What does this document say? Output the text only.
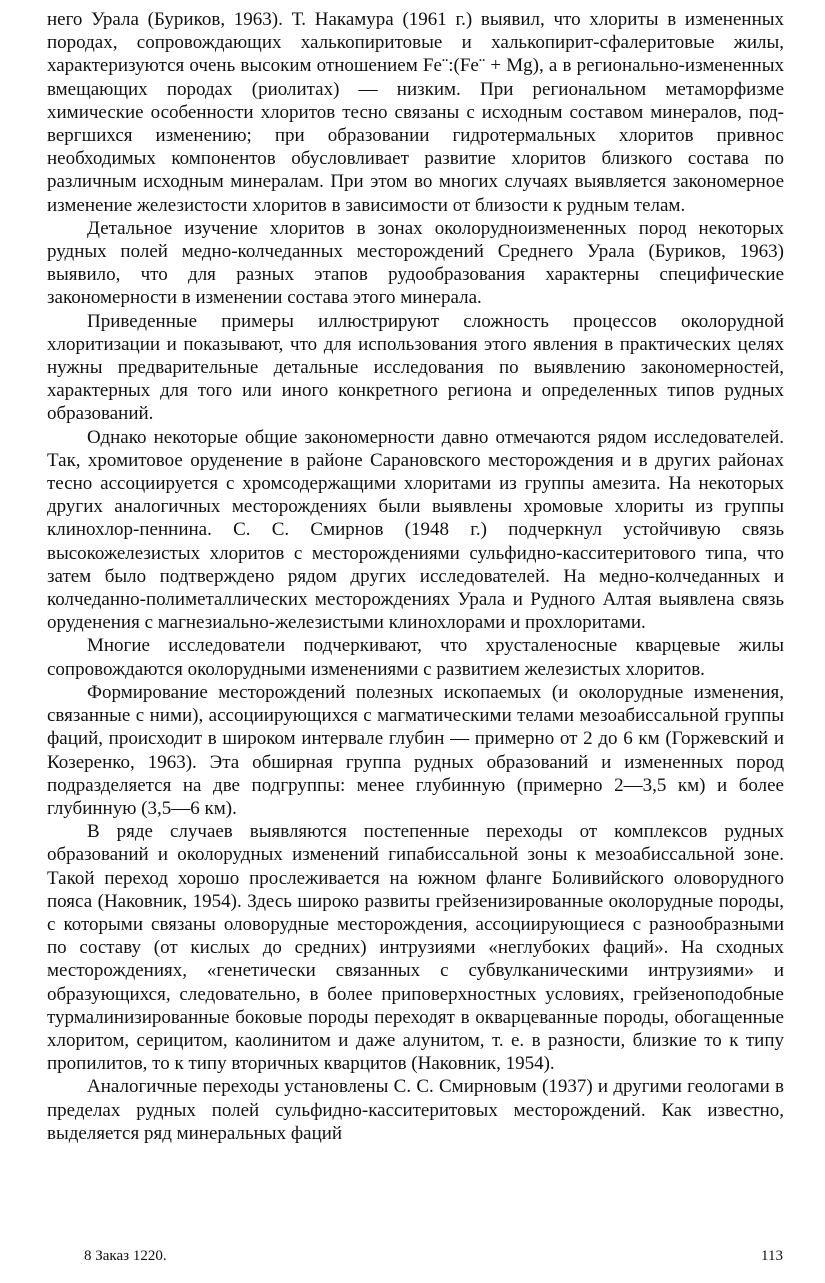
него Урала (Буриков, 1963). Т. Накамура (1961 г.) выявил, что хлориты в измененных породах, сопровождающих халькопиритовые и халькопирит-сфалеритовые жилы, характеризуются очень высоким отношением Fe¨:(Fe¨ + Mg), а в регионально-измененных вмещающих породах (риолитах) — низким. При региональном метаморфизме химические особенности хлоритов тесно связаны с исходным составом минералов, подвергшихся изменению; при образовании гидротермальных хлоритов привнос необходимых компонентов обусловливает развитие хлоритов близкого состава по различным исходным минералам. При этом во многих случаях выявляется закономерное изменение железистости хлоритов в зависимости от близости к рудным телам.

Детальное изучение хлоритов в зонах околорудноизмененных пород некоторых рудных полей медно-колчеданных месторождений Среднего Урала (Буриков, 1963) выявило, что для разных этапов рудообразования характерны специфические закономерности в изменении состава этого минерала.

Приведенные примеры иллюстрируют сложность процессов околорудной хлоритизации и показывают, что для использования этого явления в практических целях нужны предварительные детальные исследования по выявлению закономерностей, характерных для того или иного конкретного региона и определенных типов рудных образований.

Однако некоторые общие закономерности давно отмечаются рядом исследователей. Так, хромитовое оруденение в районе Сарановского месторождения и в других районах тесно ассоциируется с хромсодержащими хлоритами из группы амезита. На некоторых других аналогичных месторождениях были выявлены хромовые хлориты из группы клинохлор-пеннина. С. С. Смирнов (1948 г.) подчеркнул устойчивую связь высокожелезистых хлоритов с месторождениями сульфидно-касситеритового типа, что затем было подтверждено рядом других исследователей. На медно-колчеданных и колчеданно-полиметаллических месторождениях Урала и Рудного Алтая выявлена связь оруденения с магнезиально-железистыми клинохлорами и прохлоритами.

Многие исследователи подчеркивают, что хрусталеносные кварцевые жилы сопровождаются околорудными изменениями с развитием железистых хлоритов.

Формирование месторождений полезных ископаемых (и околорудные изменения, связанные с ними), ассоциирующихся с магматическими телами мезоабиссальной группы фаций, происходит в широком интервале глубин — примерно от 2 до 6 км (Горжевский и Козеренко, 1963). Эта обширная группа рудных образований и измененных пород подразделяется на две подгруппы: менее глубинную (примерно 2—3,5 км) и более глубинную (3,5—6 км).

В ряде случаев выявляются постепенные переходы от комплексов рудных образований и околорудных изменений гипабиссальной зоны к мезоабиссальной зоне. Такой переход хорошо прослеживается на южном фланге Боливийского оловорудного пояса (Наковник, 1954). Здесь широко развиты грейзенизированные околорудные породы, с которыми связаны оловорудные месторождения, ассоциирующиеся с разнообразными по составу (от кислых до средних) интрузиями «неглубоких фаций». На сходных месторождениях, «генетически связанных с субвулканическими интрузиями» и образующихся, следовательно, в более приповерхностных условиях, грейзеноподобные турмалинизированные боковые породы переходят в окварцеванные породы, обогащенные хлоритом, серицитом, каолинитом и даже алунитом, т. е. в разности, близкие то к типу пропилитов, то к типу вторичных кварцитов (Наковник, 1954).

Аналогичные переходы установлены С. С. Смирновым (1937) и другими геологами в пределах рудных полей сульфидно-касситеритовых месторождений. Как известно, выделяется ряд минеральных фаций

8 Заказ 1220.	113
